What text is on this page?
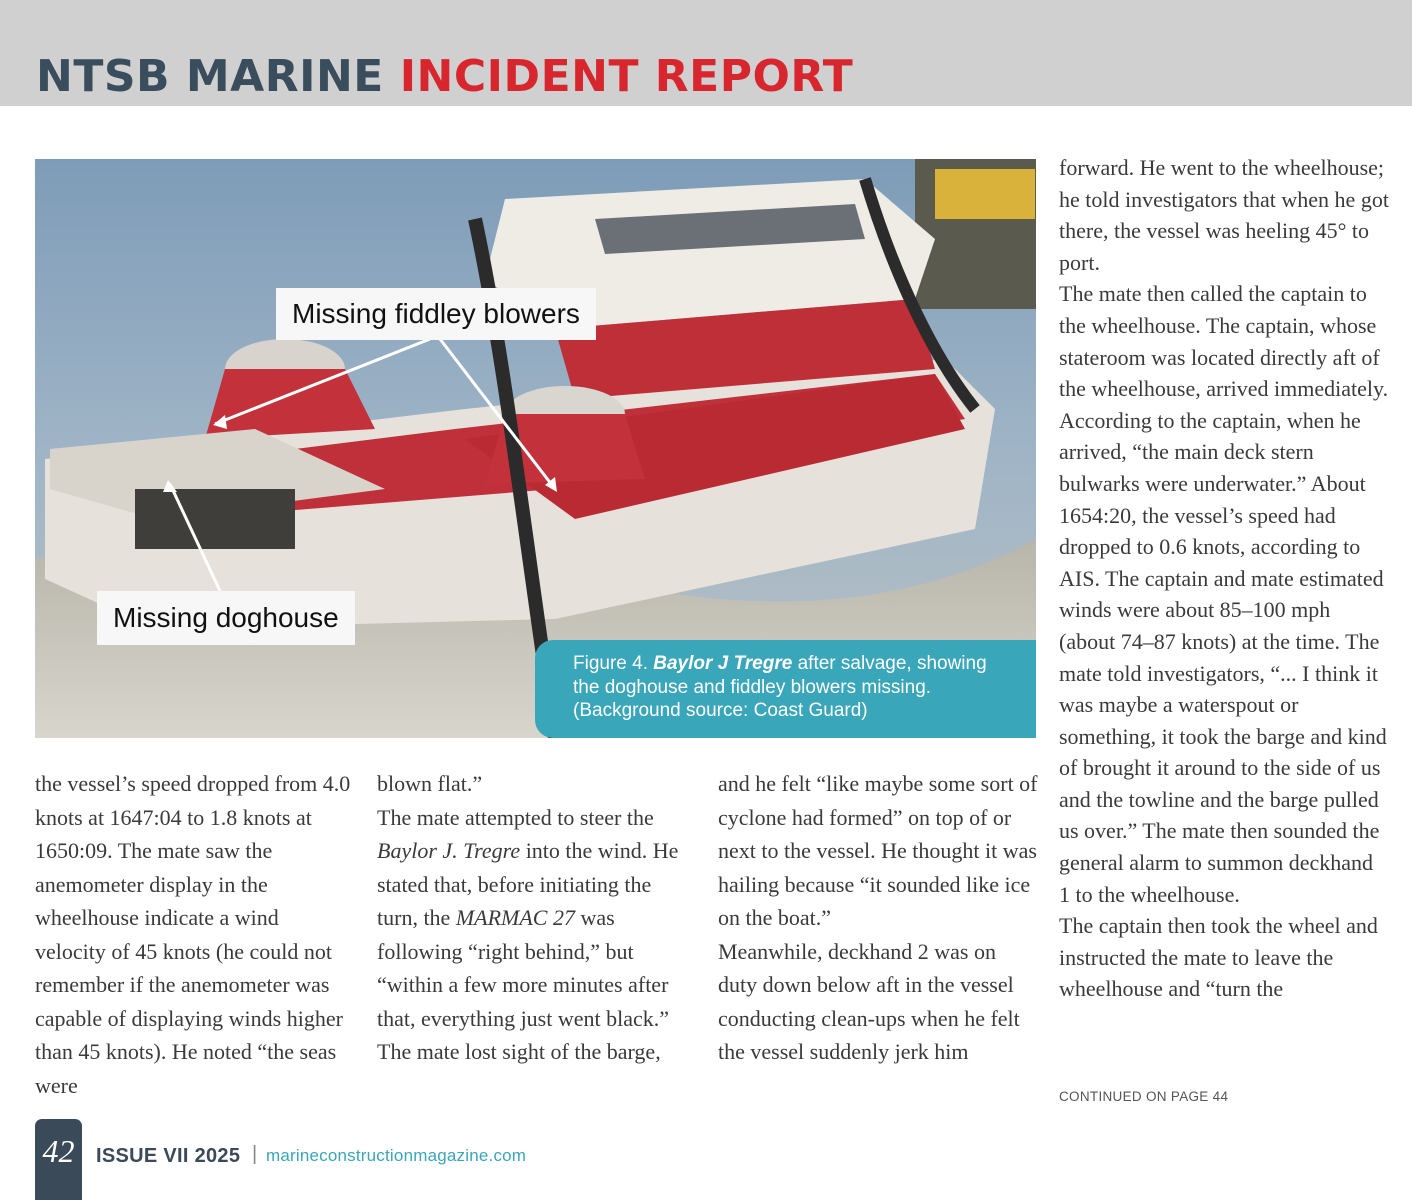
NTSB MARINE INCIDENT REPORT
Missing fiddley blowers
Missing doghouse
Figure 4. Baylor J Tregre after salvage, showing the doghouse and fiddley blowers missing. (Background source: Coast Guard)

the vessel’s speed dropped from 4.0 knots at 1647:04 to 1.8 knots at 1650:09. The mate saw the anemometer display in the wheelhouse indicate a wind velocity of 45 knots (he could not remember if the anemometer was capable of displaying winds higher than 45 knots). He noted “the seas were

blown flat.”

The mate attempted to steer the Baylor J. Tregre into the wind. He stated that, before initiating the turn, the MARMAC 27 was following “right behind,” but “within a few more minutes after that, everything just went black.” The mate lost sight of the barge,

and he felt “like maybe some sort of cyclone had formed” on top of or next to the vessel. He thought it was hailing because “it sounded like ice on the boat.”

Meanwhile, deckhand 2 was on duty down below aft in the vessel conducting clean-ups when he felt the vessel suddenly jerk him

forward. He went to the wheelhouse; he told investigators that when he got there, the vessel was heeling 45° to port.

The mate then called the captain to the wheelhouse. The captain, whose stateroom was located directly aft of the wheelhouse, arrived immediately. According to the captain, when he arrived, “the main deck stern bulwarks were underwater.” About 1654:20, the vessel’s speed had dropped to 0.6 knots, according to AIS. The captain and mate estimated winds were about 85–100 mph (about 74–87 knots) at the time. The mate told investigators, “... I think it was maybe a waterspout or something, it took the barge and kind of brought it around to the side of us and the towline and the barge pulled us over.” The mate then sounded the general alarm to summon deckhand 1 to the wheelhouse.

The captain then took the wheel and instructed the mate to leave the wheelhouse and “turn the

CONTINUED ON PAGE 44
42	ISSUE VII 2025 | marineconstructionmagazine.com
